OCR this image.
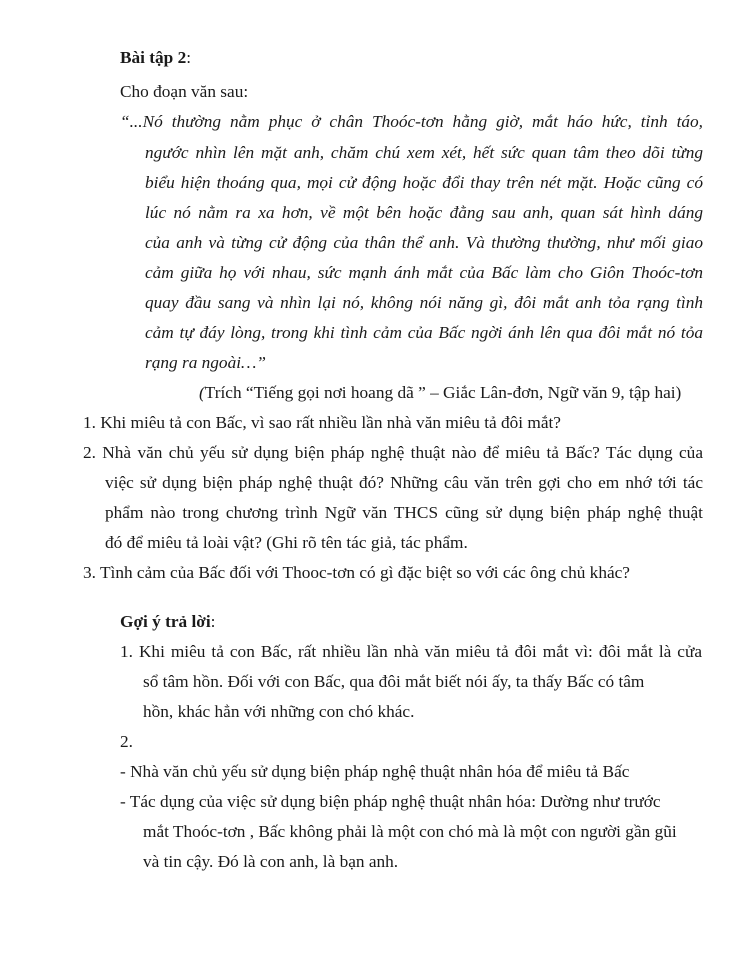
Bài tập 2:
Cho đoạn văn sau:
“...Nó thường nằm phục ở chân Thoóc-tơn hằng giờ, mắt háo hức, tỉnh táo,
ngước nhìn lên mặt anh, chăm chú xem xét, hết sức quan tâm theo dõi từng
biểu hiện thoáng qua, mọi cử động hoặc đổi thay trên nét mặt. Hoặc cũng có
lúc nó nằm ra xa hơn, về một bên hoặc đằng sau anh, quan sát hình dáng
của anh và từng cử động của thân thể anh. Và thường thường, như mối giao
cảm giữa họ với nhau, sức mạnh ánh mắt của Bấc làm cho Giôn Thoóc-tơn
quay đầu sang và nhìn lại nó, không nói năng gì, đôi mắt anh tỏa rạng tình
cảm tự đáy lòng, trong khi tình cảm của Bấc ngời ánh lên qua đôi mắt nó tỏa
rạng ra ngoài…”
(Trích “Tiếng gọi nơi hoang dã ” – Giắc Lân-đơn, Ngữ văn 9, tập hai)
1. Khi miêu tả con Bấc, vì sao rất nhiều lần nhà văn miêu tả đôi mắt?
2. Nhà văn chủ yếu sử dụng biện pháp nghệ thuật nào để miêu tả Bấc? Tác dụng của
việc sử dụng biện pháp nghệ thuật đó? Những câu văn trên gợi cho em nhớ tới tác
phẩm nào trong chương trình Ngữ văn THCS cũng sử dụng biện pháp nghệ thuật
đó để miêu tả loài vật? (Ghi rõ tên tác giả, tác phẩm.
3. Tình cảm của Bấc đối với Thooc-tơn có gì đặc biệt so với các ông chủ khác?
Gợi ý trả lời:
1. Khi miêu tả con Bấc, rất nhiều lần nhà văn miêu tả đôi mắt vì: đôi mắt là cửa
sổ tâm hồn. Đối với con Bấc, qua đôi mắt biết nói ấy, ta thấy Bấc có tâm
hồn, khác hẳn với những con chó khác.
2.
- Nhà văn chủ yếu sử dụng biện pháp nghệ thuật nhân hóa để miêu tả Bấc
- Tác dụng của việc sử dụng biện pháp nghệ thuật nhân hóa: Dường như trước
mắt Thoóc-tơn , Bấc không phải là một con chó mà là một con người gần gũi
và tin cậy. Đó là con anh, là bạn anh.
